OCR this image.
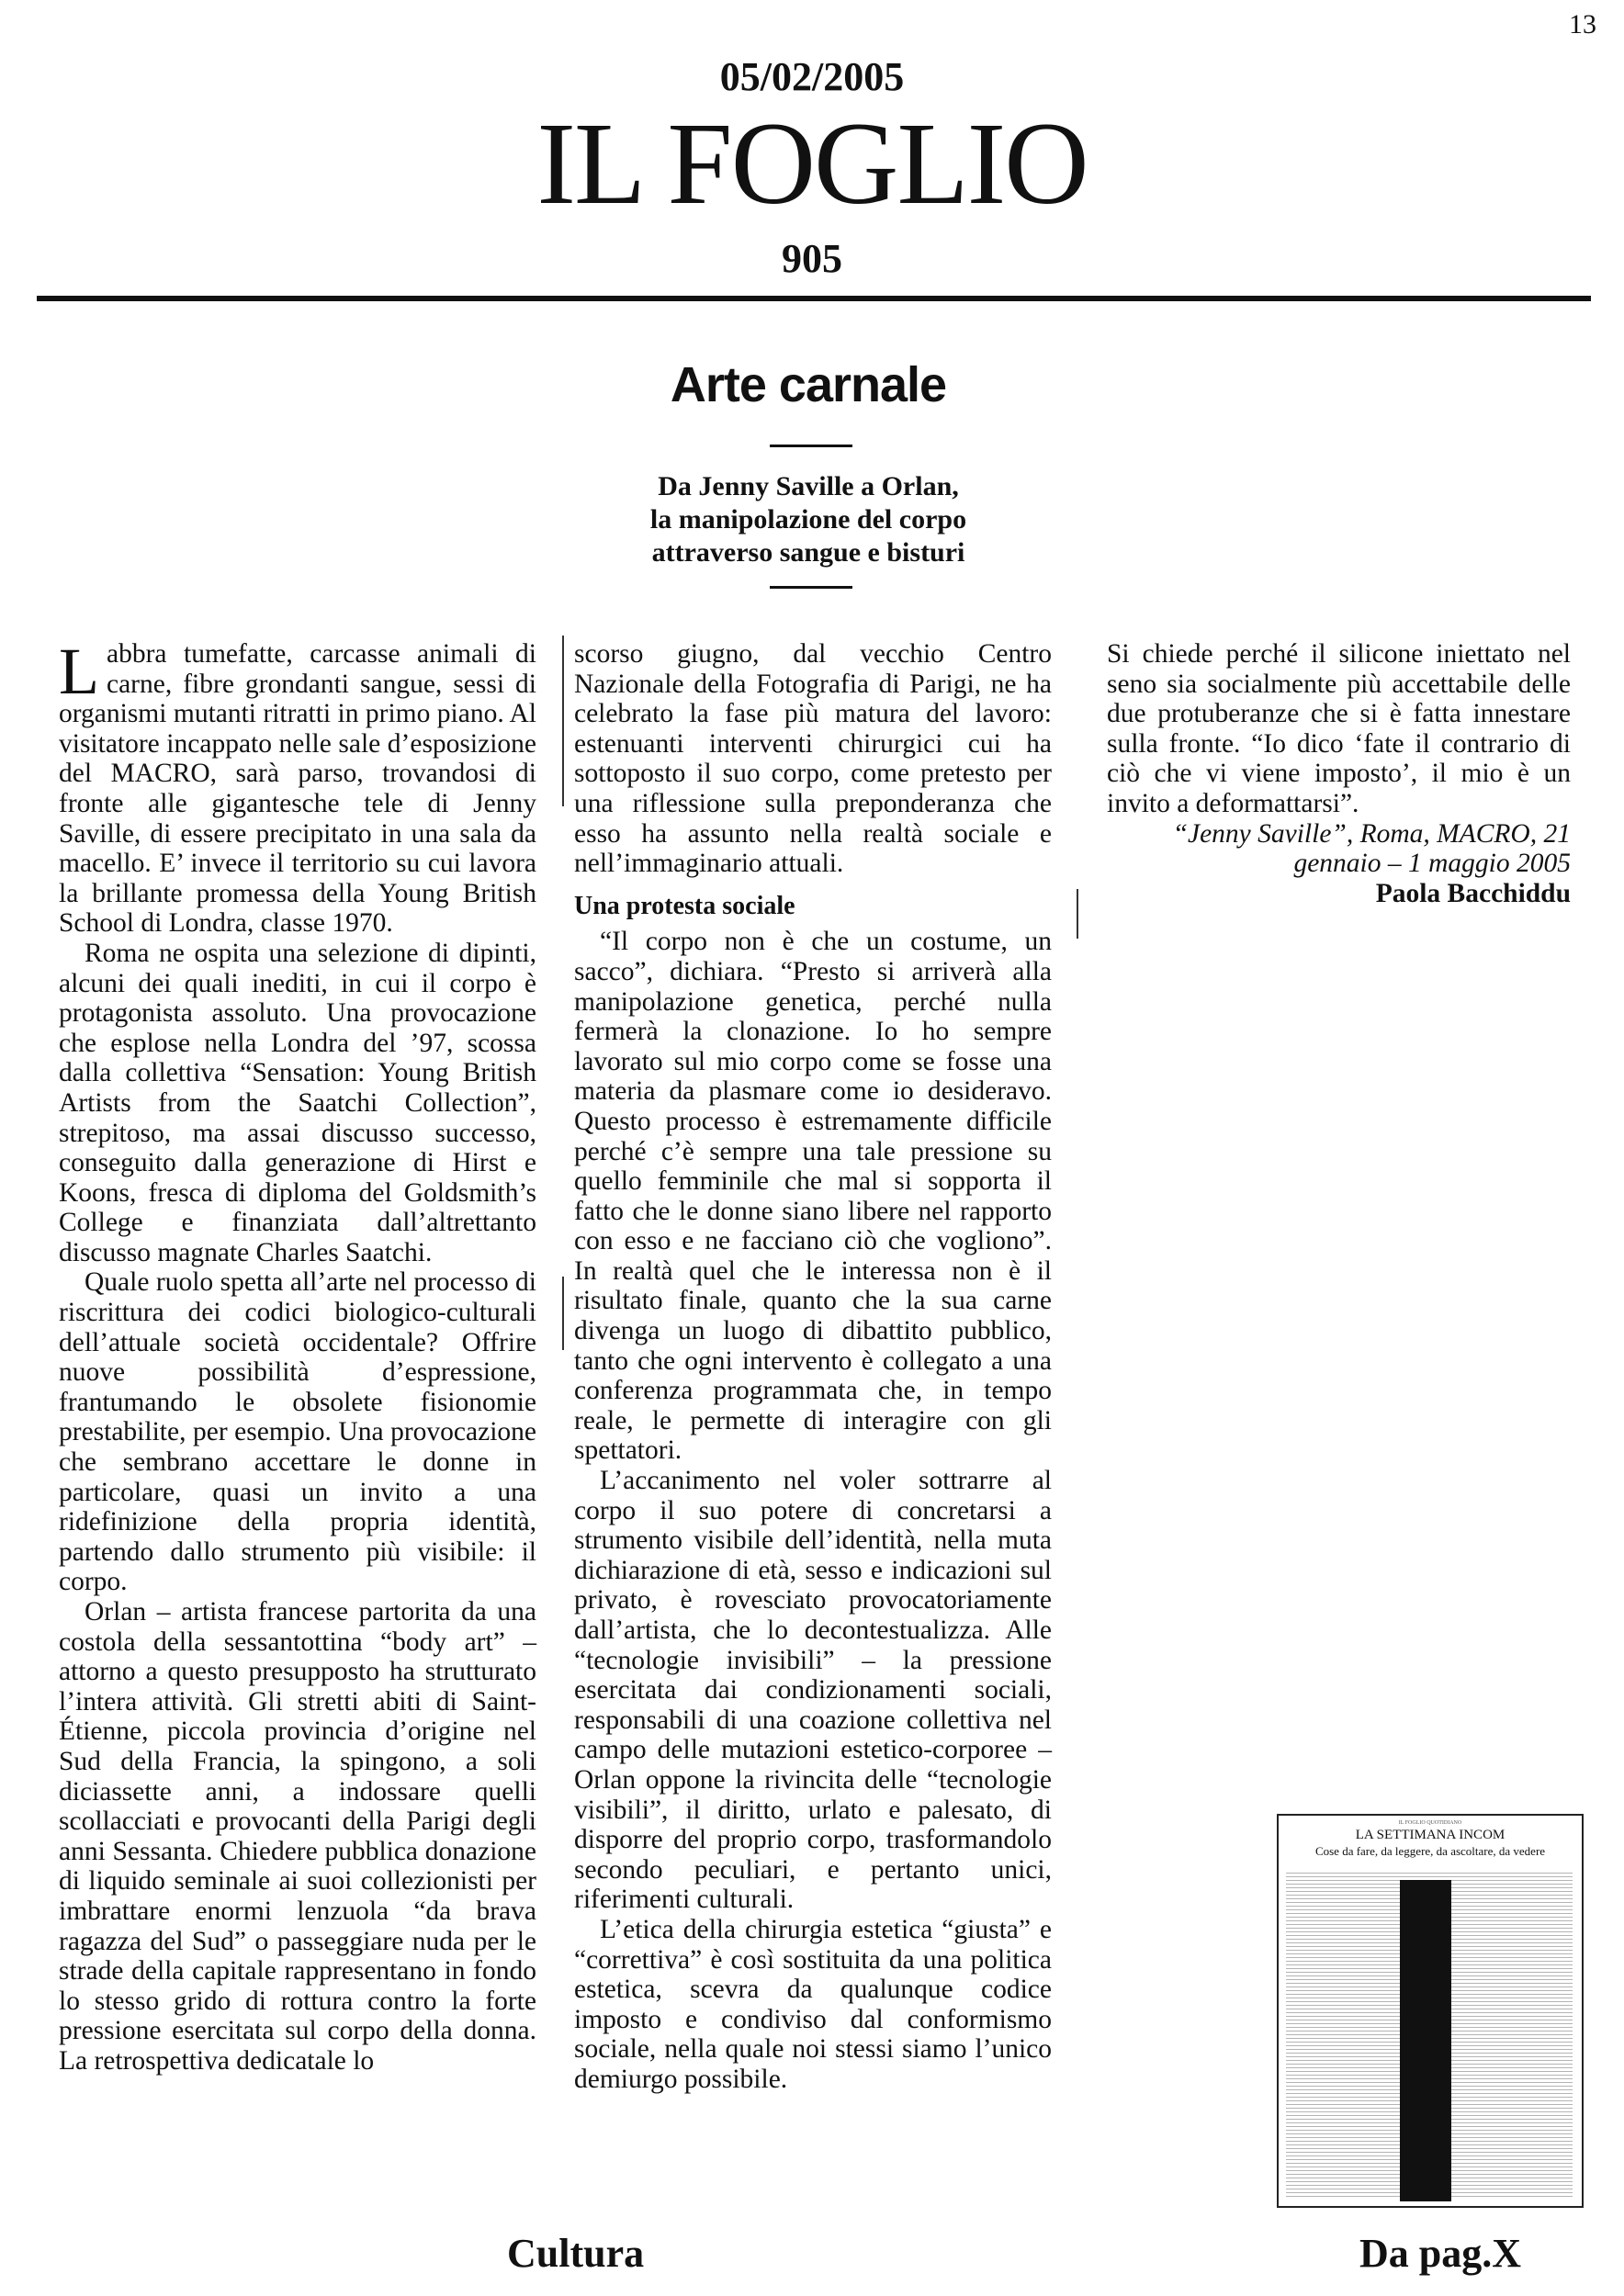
13
05/02/2005
IL FOGLIO
905
Arte carnale
Da Jenny Saville a Orlan,
la manipolazione del corpo
attraverso sangue e bisturi

Labbra tumefatte, carcasse animali di carne, fibre grondanti sangue, sessi di organismi mutanti ritratti in primo piano. Al visitatore incappato nelle sale d’esposizione del MACRO, sarà parso, trovandosi di fronte alle gigantesche tele di Jenny Saville, di essere precipitato in una sala da macello. E’ invece il territorio su cui lavora la brillante promessa della Young British School di Londra, classe 1970.

Roma ne ospita una selezione di dipinti, alcuni dei quali inediti, in cui il corpo è protagonista assoluto. Una provocazione che esplose nella Londra del ’97, scossa dalla collettiva “Sensation: Young British Artists from the Saatchi Collection”, strepitoso, ma assai discusso successo, conseguito dalla generazione di Hirst e Koons, fresca di diploma del Goldsmith’s College e finanziata dall’altrettanto discusso magnate Charles Saatchi.

Quale ruolo spetta all’arte nel processo di riscrittura dei codici biologico-culturali dell’attuale società occidentale? Offrire nuove possibilità d’espressione, frantumando le obsolete fisionomie prestabilite, per esempio. Una provocazione che sembrano accettare le donne in particolare, quasi un invito a una ridefinizione della propria identità, partendo dallo strumento più visibile: il corpo.

Orlan – artista francese partorita da una costola della sessantottina “body art” – attorno a questo presupposto ha strutturato l’intera attività. Gli stretti abiti di Saint-Étienne, piccola provincia d’origine nel Sud della Francia, la spingono, a soli diciassette anni, a indossare quelli scollacciati e provocanti della Parigi degli anni Sessanta. Chiedere pubblica donazione di liquido seminale ai suoi collezionisti per imbrattare enormi lenzuola “da brava ragazza del Sud” o passeggiare nuda per le strade della capitale rappresentano in fondo lo stesso grido di rottura contro la forte pressione esercitata sul corpo della donna. La retrospettiva dedicatale lo

scorso giugno, dal vecchio Centro Nazionale della Fotografia di Parigi, ne ha celebrato la fase più matura del lavoro: estenuanti interventi chirurgici cui ha sottoposto il suo corpo, come pretesto per una riflessione sulla preponderanza che esso ha assunto nella realtà sociale e nell’immaginario attuali.

Una protesta sociale

“Il corpo non è che un costume, un sacco”, dichiara. “Presto si arriverà alla manipolazione genetica, perché nulla fermerà la clonazione. Io ho sempre lavorato sul mio corpo come se fosse una materia da plasmare come io desideravo. Questo processo è estremamente difficile perché c’è sempre una tale pressione su quello femminile che mal si sopporta il fatto che le donne siano libere nel rapporto con esso e ne facciano ciò che vogliono”. In realtà quel che le interessa non è il risultato finale, quanto che la sua carne divenga un luogo di dibattito pubblico, tanto che ogni intervento è collegato a una conferenza programmata che, in tempo reale, le permette di interagire con gli spettatori.

L’accanimento nel voler sottrarre al corpo il suo potere di concretarsi a strumento visibile dell’identità, nella muta dichiarazione di età, sesso e indicazioni sul privato, è rovesciato provocatoriamente dall’artista, che lo decontestualizza. Alle “tecnologie invisibili” – la pressione esercitata dai condizionamenti sociali, responsabili di una coazione collettiva nel campo delle mutazioni estetico-corporee – Orlan oppone la rivincita delle “tecnologie visibili”, il diritto, urlato e palesato, di disporre del proprio corpo, trasformandolo secondo peculiari, e pertanto unici, riferimenti culturali.

L’etica della chirurgia estetica “giusta” e “correttiva” è così sostituita da una politica estetica, scevra da qualunque codice imposto e condiviso dal conformismo sociale, nella quale noi stessi siamo l’unico demiurgo possibile.

Si chiede perché il silicone iniettato nel seno sia socialmente più accettabile delle due protuberanze che si è fatta innestare sulla fronte. “Io dico ‘fate il contrario di ciò che vi viene imposto’, il mio è un invito a deformattarsi”.

“Jenny Saville”, Roma, MACRO, 21

gennaio – 1 maggio 2005

Paola Bacchiddu

IL FOGLIO QUOTIDIANO
LA SETTIMANA INCOM
Cose da fare, da leggere, da ascoltare, da vedere
Cultura	Da pag.X
